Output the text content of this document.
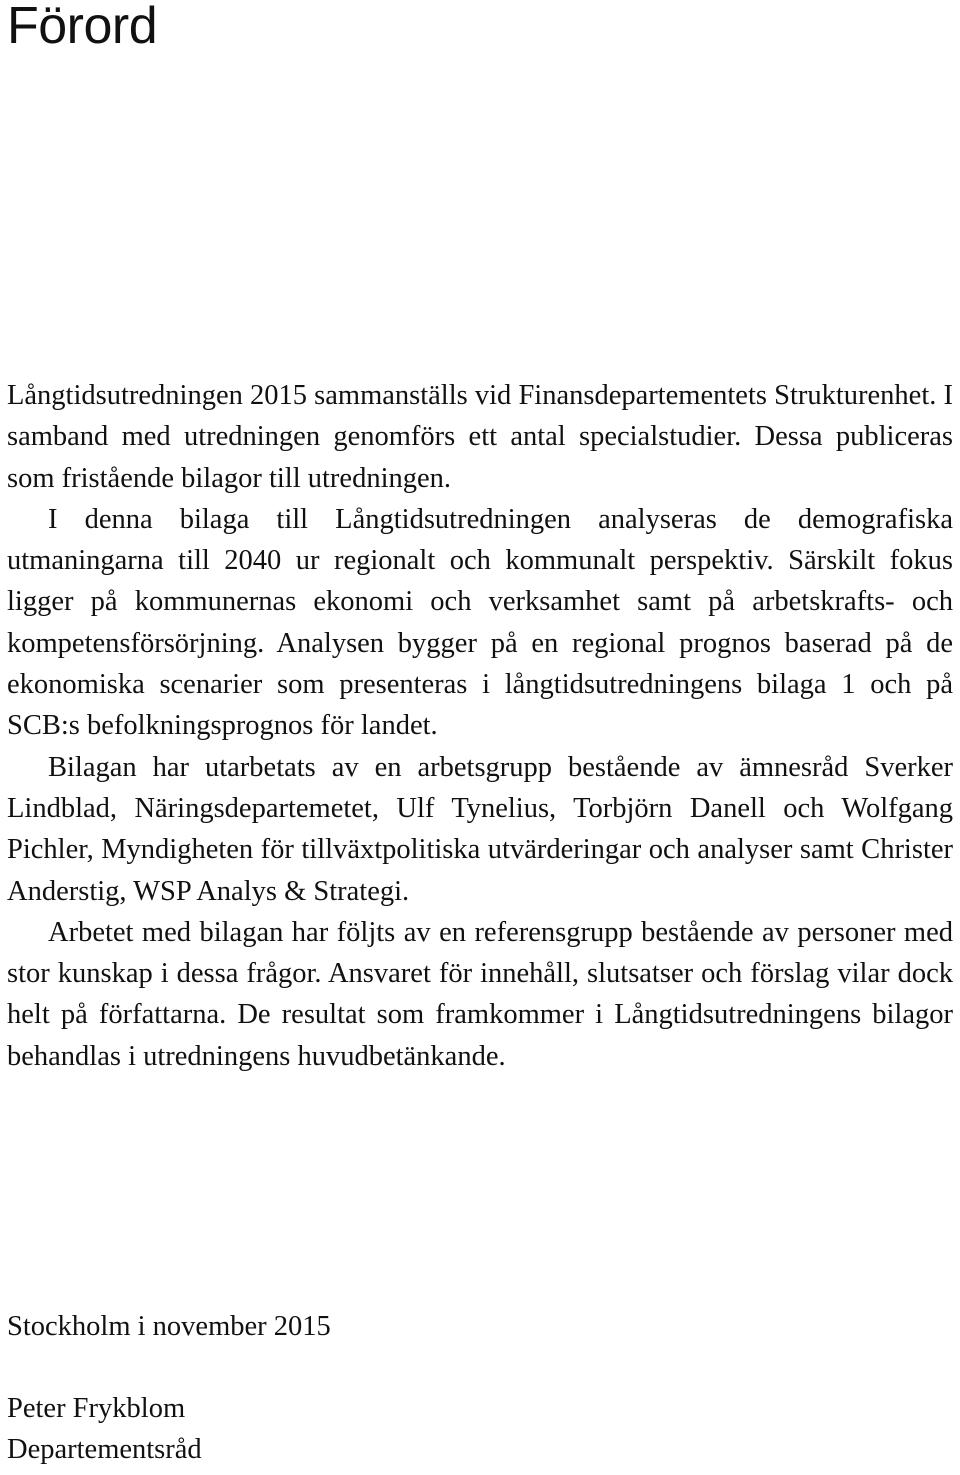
Förord

Långtidsutredningen 2015 sammanställs vid Finansdepartementets Strukturenhet. I samband med utredningen genomförs ett antal specialstudier. Dessa publiceras som fristående bilagor till utredningen.

I denna bilaga till Långtidsutredningen analyseras de demografiska utmaningarna till 2040 ur regionalt och kommunalt perspektiv. Särskilt fokus ligger på kommunernas ekonomi och verksamhet samt på arbetskrafts- och kompetensförsörjning. Analysen bygger på en regional prognos baserad på de ekonomiska scenarier som presenteras i långtidsutredningens bilaga 1 och på SCB:s befolkningsprognos för landet.

Bilagan har utarbetats av en arbetsgrupp bestående av ämnesråd Sverker Lindblad, Näringsdepartemetet, Ulf Tynelius, Torbjörn Danell och Wolfgang Pichler, Myndigheten för tillväxtpolitiska utvärderingar och analyser samt Christer Anderstig, WSP Analys & Strategi.

Arbetet med bilagan har följts av en referensgrupp bestående av personer med stor kunskap i dessa frågor. Ansvaret för innehåll, slutsatser och förslag vilar dock helt på författarna. De resultat som framkommer i Långtidsutredningens bilagor behandlas i utredningens huvudbetänkande.

Stockholm i november 2015

Peter Frykblom

Departementsråd
